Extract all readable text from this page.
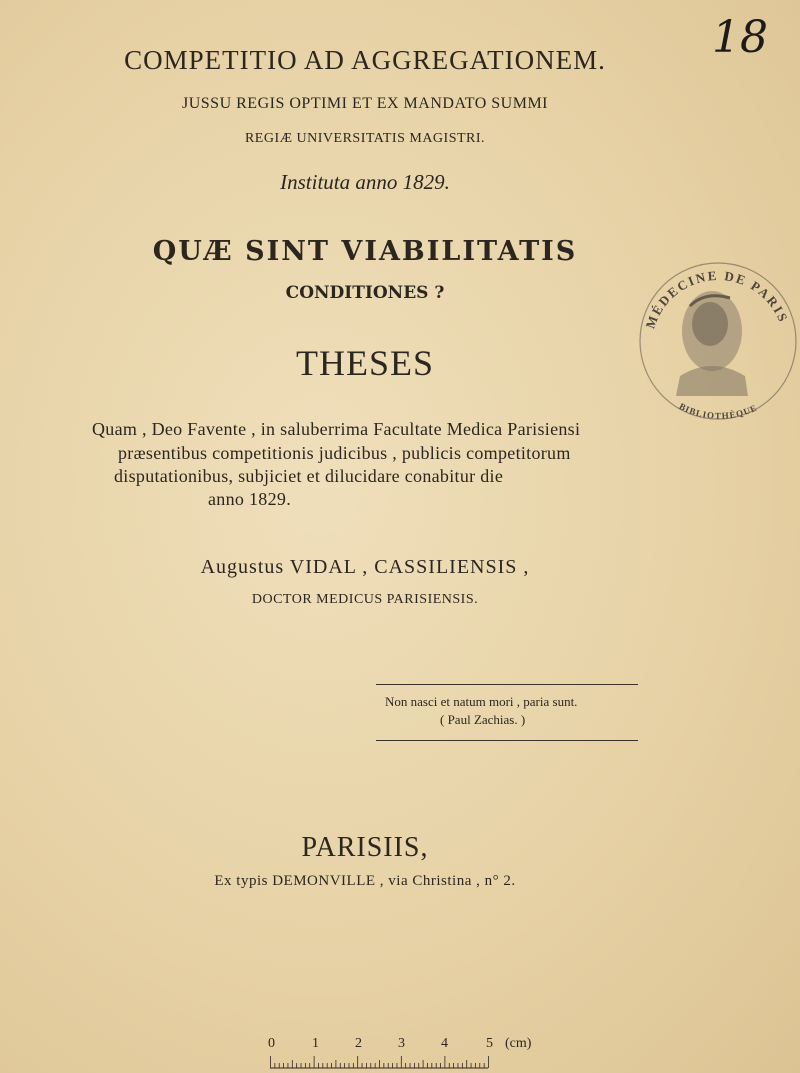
18
COMPETITIO AD AGGREGATIONEM.
JUSSU REGIS OPTIMI ET EX MANDATO SUMMI
REGIÆ UNIVERSITATIS MAGISTRI.
Instituta anno 1829.
QUÆ SINT VIABILITATIS
CONDITIONES ?
THESES
Quam , Deo Favente , in saluberrima Facultate Medica Parisiensi
præsentibus competitionis judicibus , publicis competitorum
disputationibus, subjiciet et dilucidare conabitur die
anno 1829.
Augustus VIDAL , CASSILIENSIS ,
DOCTOR MEDICUS PARISIENSIS.
Non nasci et natum mori , paria sunt.
( Paul Zachias. )
PARISIIS,
Ex typis DEMONVILLE , via Christina , n° 2.
MÉDECINE DE PARIS
BIBLIOTHÈQUE
0	1	2	3	4	5 (cm)
